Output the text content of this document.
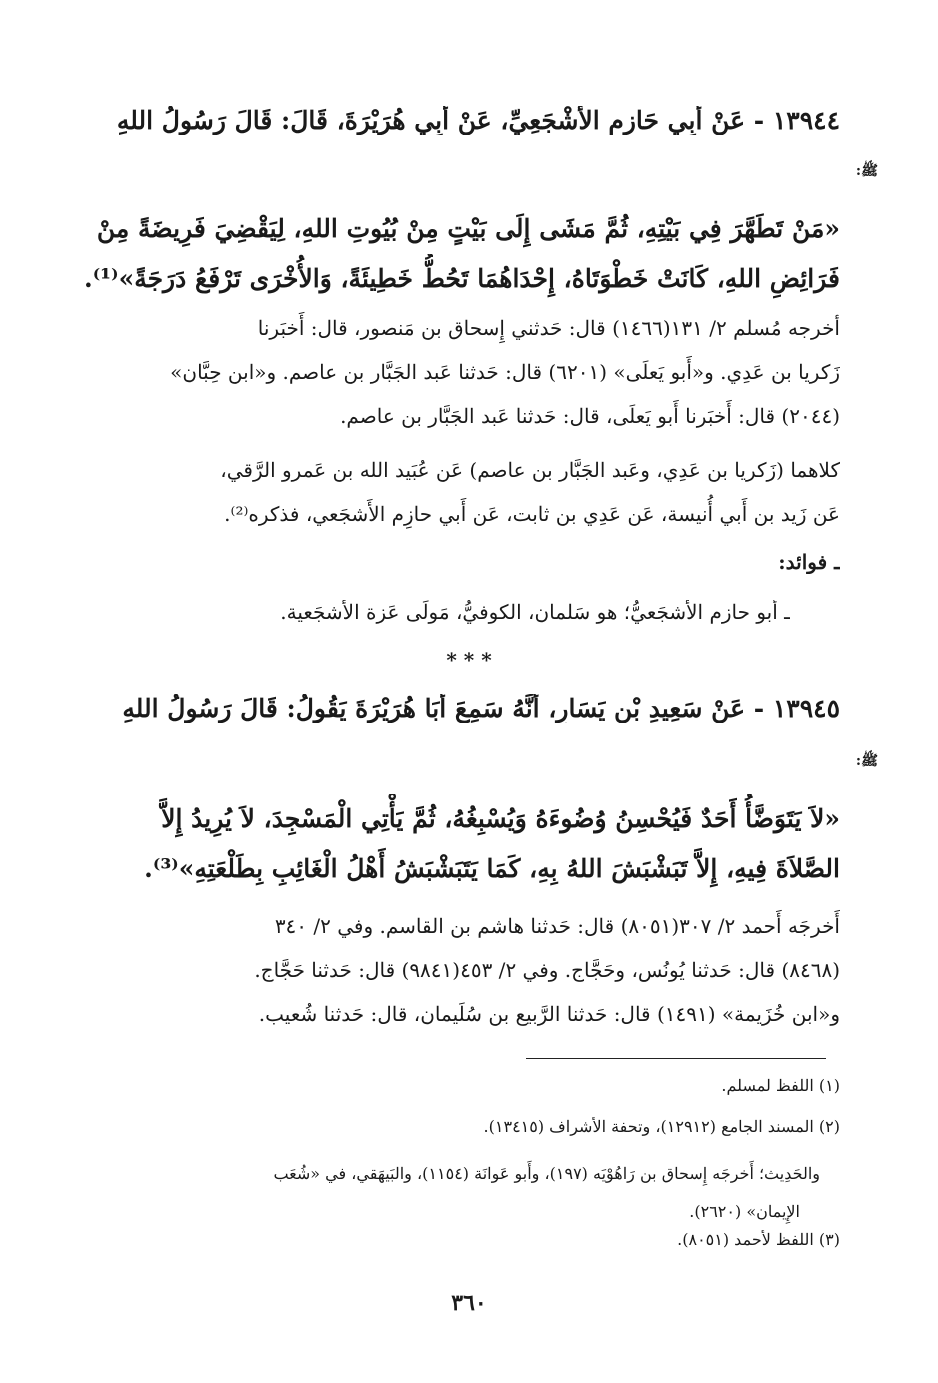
١٣٩٤٤ - عَنْ أَبِي حَازِمٍ الأَشْجَعِيِّ، عَنْ أَبِي هُرَيْرَةَ، قَالَ: قَالَ رَسُولُ اللهِ
ﷺ:
«مَنْ تَطَهَّرَ فِي بَيْتِهِ، ثُمَّ مَشَى إِلَى بَيْتٍ مِنْ بُيُوتِ اللهِ، لِيَقْضِيَ فَرِيضَةً مِنْ
فَرَائِضِ اللهِ، كَانَتْ خَطْوَتَاهُ، إِحْدَاهُمَا تَحُطُّ خَطِيئَةً، وَالأُخْرَى تَرْفَعُ دَرَجَةً»⁽¹⁾.
أخرجه مُسلم ٢/ ١٣١(١٤٦٦) قال: حَدثني إِسحاق بن مَنصور، قال: أَخبَرنا
زَكريا بن عَدِي. و«أَبو يَعلَى» (٦٢٠١) قال: حَدثنا عَبد الجَبَّار بن عاصم. و«ابن حِبَّان»
(٢٠٤٤) قال: أَخبَرنا أَبو يَعلَى، قال: حَدثنا عَبد الجَبَّار بن عاصم.
كلاهما (زَكريا بن عَدِي، وعَبد الجَبَّار بن عاصم) عَن عُبَيد الله بن عَمرو الرَّقي،
عَن زَيد بن أَبي أُنيسة، عَن عَدِي بن ثابت، عَن أَبي حازِم الأَشجَعي، فذكره⁽²⁾.
ـ فوائد:
ـ أَبو حازِم الأَشجَعيُّ؛ هو سَلمان، الكوفيُّ، مَولَى عَزة الأَشجَعية.
* * *
١٣٩٤٥ - عَنْ سَعِيدِ بْنِ يَسَارٍ، أَنَّهُ سَمِعَ أَبَا هُرَيْرَةَ يَقُولُ: قَالَ رَسُولُ اللهِ
ﷺ:
«لاَ يَتَوَضَّأُ أَحَدٌ فَيُحْسِنُ وُضُوءَهُ وَيُسْبِغُهُ، ثُمَّ يَأْتِي الْمَسْجِدَ، لاَ يُرِيدُ إِلاَّ
الصَّلاَةَ فِيهِ، إِلاَّ تَبَشْبَشَ اللهُ بِهِ، كَمَا يَتَبَشْبَشُ أَهْلُ الْغَائِبِ بِطَلْعَتِهِ»⁽³⁾.
أَخرجَه أَحمد ٢/ ٣٠٧(٨٠٥١) قال: حَدثنا هاشم بن القاسم. وفي ٢/ ٣٤٠
(٨٤٦٨) قال: حَدثنا يُونُس، وحَجَّاج. وفي ٢/ ٤٥٣(٩٨٤١) قال: حَدثنا حَجَّاج.
و«ابن خُزَيمة» (١٤٩١) قال: حَدثنا الرَّبيع بن سُلَيمان، قال: حَدثنا شُعيب.
(١) اللفظ لمسلم.
(٢) المسند الجامع (١٢٩١٢)، وتحفة الأَشراف (١٣٤١٥).
والحَدِيث؛ أَخرجَه إِسحاق بن رَاهُوْيَه (١٩٧)، وأَبو عَوانَة (١١٥٤)، والبَيهَقي، في «شُعَب
الإِيمان» (٢٦٢٠).
(٣) اللفظ لأَحمد (٨٠٥١).
٣٦٠
